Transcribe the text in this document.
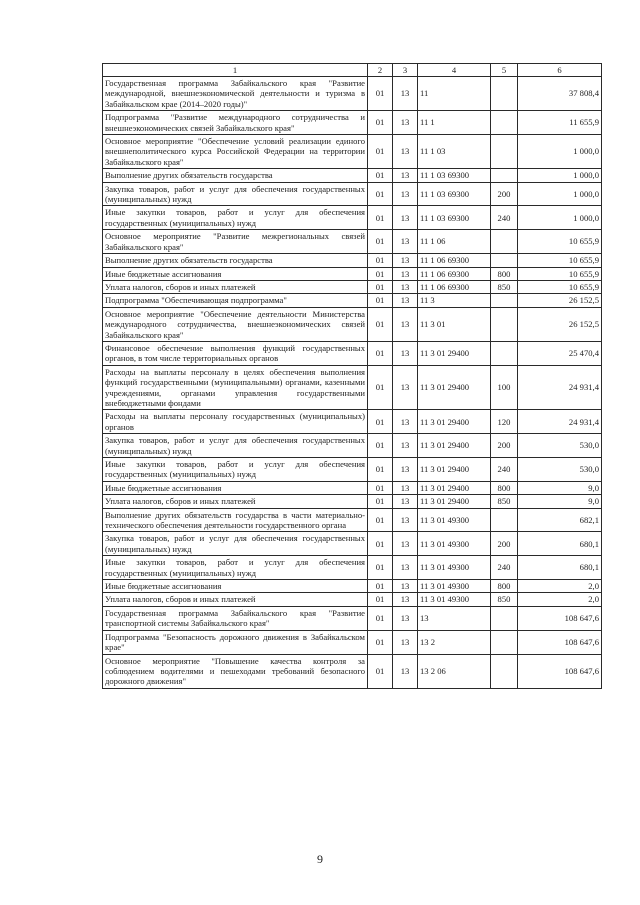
1	2	3	4	5	6
Государственная программа Забайкальского края "Развитие международной, внешнеэкономической деятельности и туризма в Забайкальском крае (2014–2020 годы)"	01	13	11		37 808,4
Подпрограмма "Развитие международного сотрудничества и внешнеэкономических связей Забайкальского края"	01	13	11 1		11 655,9
Основное мероприятие "Обеспечение условий реализации единого внешнеполитического курса Российской Федерации на территории Забайкальского края"	01	13	11 1 03		1 000,0
Выполнение других обязательств государства	01	13	11 1 03 69300		1 000,0
Закупка товаров, работ и услуг для обеспечения государственных (муниципальных) нужд	01	13	11 1 03 69300	200	1 000,0
Иные закупки товаров, работ и услуг для обеспечения государственных (муниципальных) нужд	01	13	11 1 03 69300	240	1 000,0
Основное мероприятие "Развитие межрегиональных связей Забайкальского края"	01	13	11 1 06		10 655,9
Выполнение других обязательств государства	01	13	11 1 06 69300		10 655,9
Иные бюджетные ассигнования	01	13	11 1 06 69300	800	10 655,9
Уплата налогов, сборов и иных платежей	01	13	11 1 06 69300	850	10 655,9
Подпрограмма "Обеспечивающая подпрограмма"	01	13	11 3		26 152,5
Основное мероприятие "Обеспечение деятельности Министерства международного сотрудничества, внешнеэкономических связей Забайкальского края"	01	13	11 3 01		26 152,5
Финансовое обеспечение выполнения функций государственных органов, в том числе территориальных органов	01	13	11 3 01 29400		25 470,4
Расходы на выплаты персоналу в целях обеспечения выполнения функций государственными (муниципальными) органами, казенными учреждениями, органами управления государственными внебюджетными фондами	01	13	11 3 01 29400	100	24 931,4
Расходы на выплаты персоналу государственных (муниципальных) органов	01	13	11 3 01 29400	120	24 931,4
Закупка товаров, работ и услуг для обеспечения государственных (муниципальных) нужд	01	13	11 3 01 29400	200	530,0
Иные закупки товаров, работ и услуг для обеспечения государственных (муниципальных) нужд	01	13	11 3 01 29400	240	530,0
Иные бюджетные ассигнования	01	13	11 3 01 29400	800	9,0
Уплата налогов, сборов и иных платежей	01	13	11 3 01 29400	850	9,0
Выполнение других обязательств государства в части материально-технического обеспечения деятельности государственного органа	01	13	11 3 01 49300		682,1
Закупка товаров, работ и услуг для обеспечения государственных (муниципальных) нужд	01	13	11 3 01 49300	200	680,1
Иные закупки товаров, работ и услуг для обеспечения государственных (муниципальных) нужд	01	13	11 3 01 49300	240	680,1
Иные бюджетные ассигнования	01	13	11 3 01 49300	800	2,0
Уплата налогов, сборов и иных платежей	01	13	11 3 01 49300	850	2,0
Государственная программа Забайкальского края "Развитие транспортной системы Забайкальского края"	01	13	13		108 647,6
Подпрограмма "Безопасность дорожного движения в Забайкальском крае"	01	13	13 2		108 647,6
Основное мероприятие "Повышение качества контроля за соблюдением водителями и пешеходами требований безопасного дорожного движения"	01	13	13 2 06		108 647,6
9
